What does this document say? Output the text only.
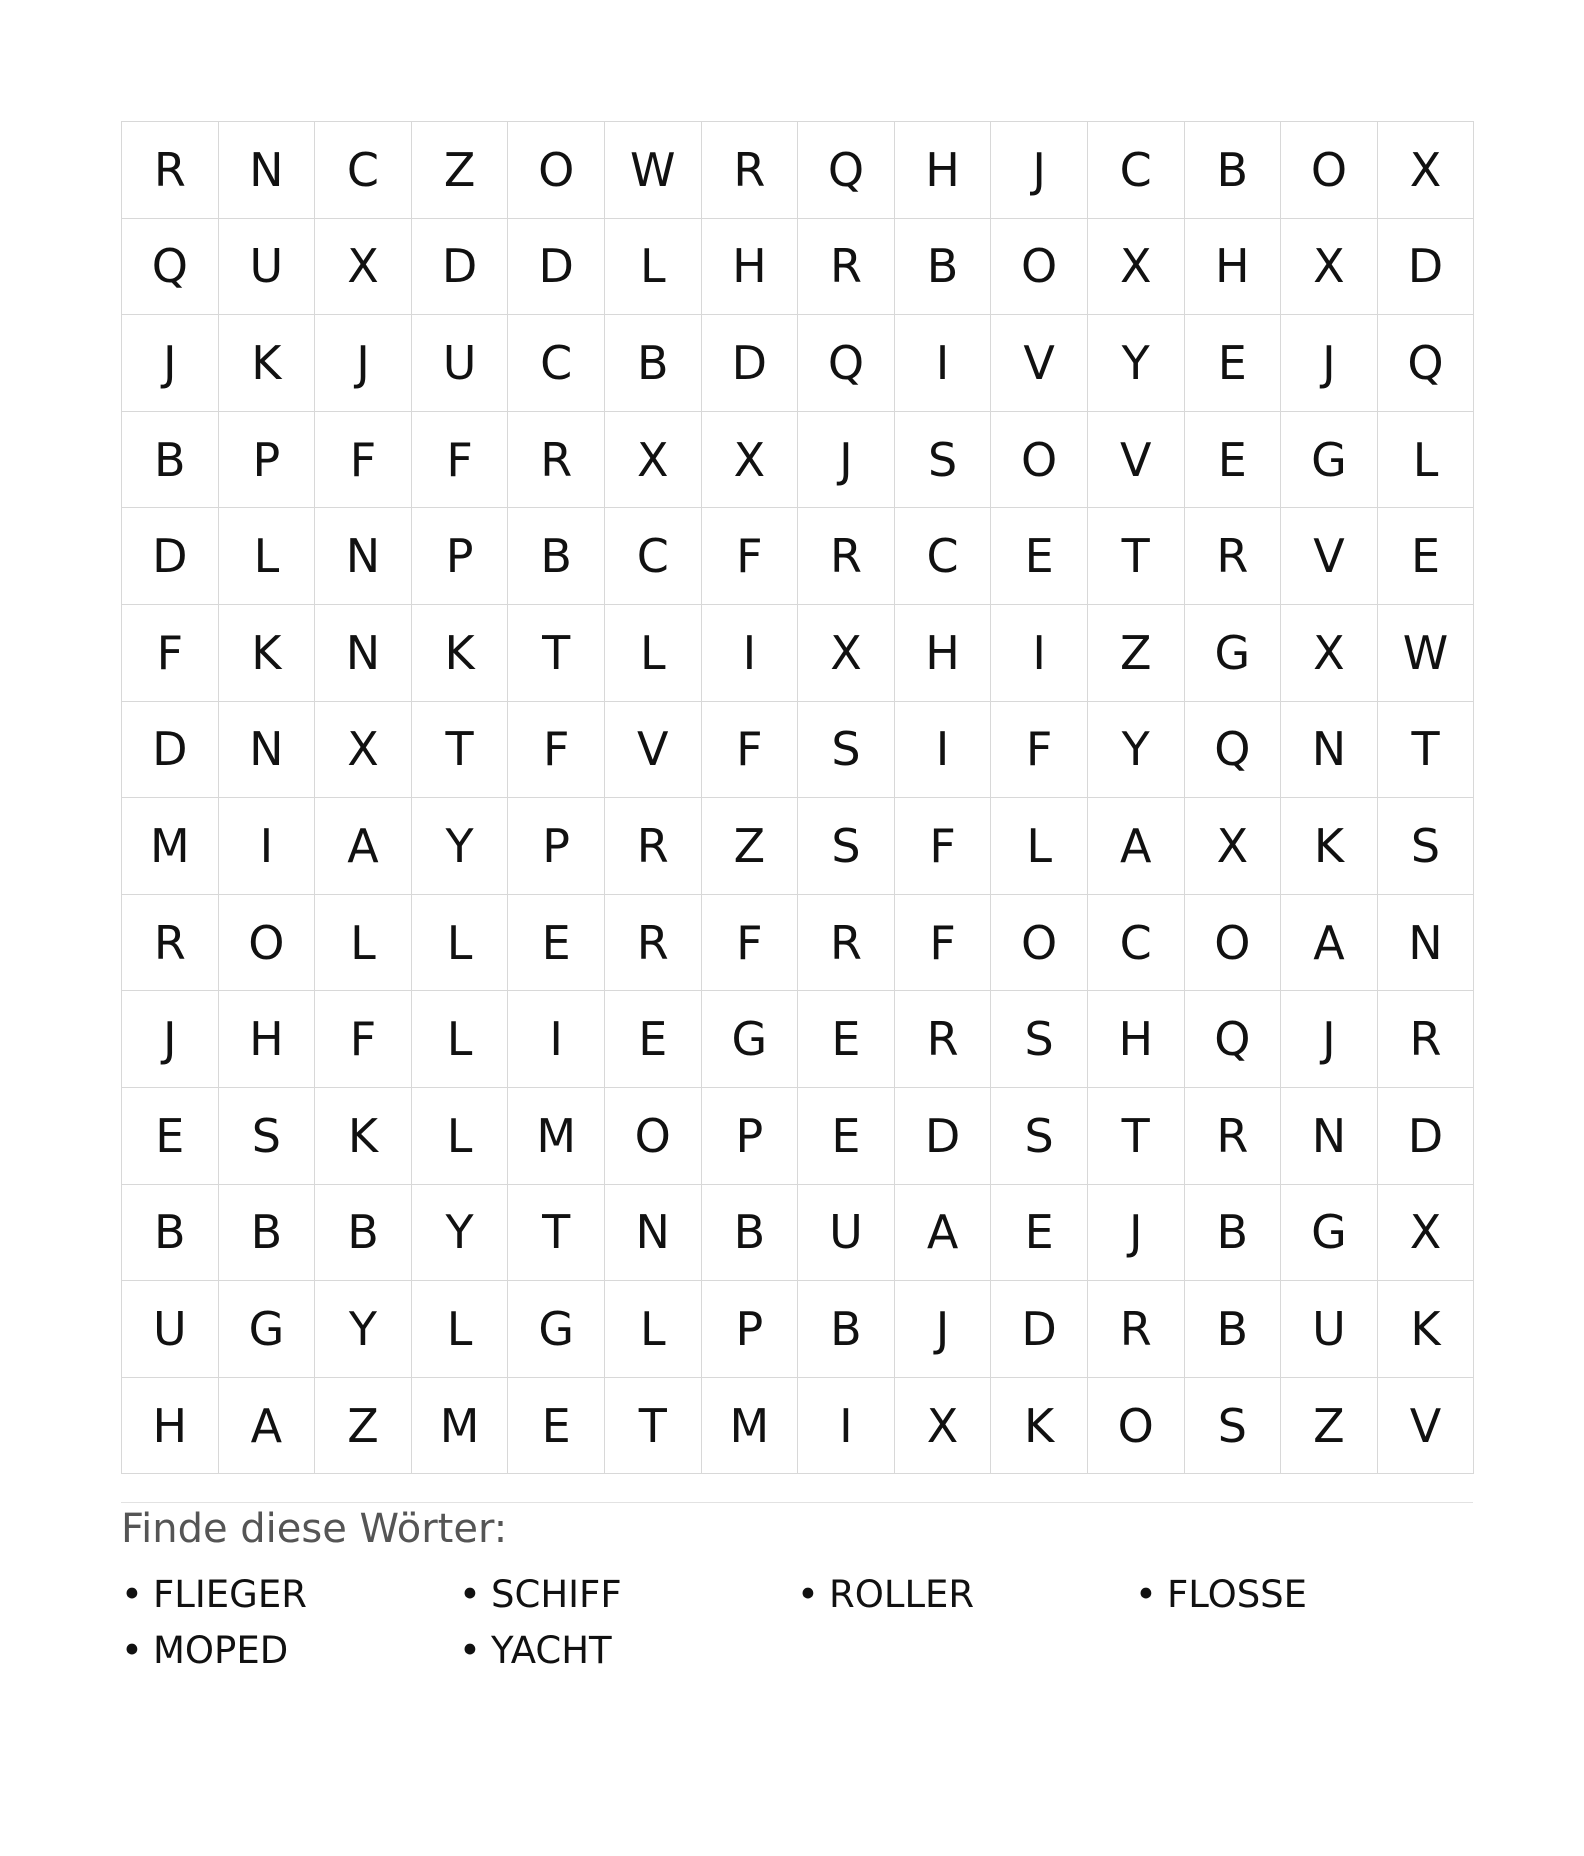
R	N	C	Z	O	W	R	Q	H	J	C	B	O	X
Q	U	X	D	D	L	H	R	B	O	X	H	X	D
J	K	J	U	C	B	D	Q	I	V	Y	E	J	Q
B	P	F	F	R	X	X	J	S	O	V	E	G	L
D	L	N	P	B	C	F	R	C	E	T	R	V	E
F	K	N	K	T	L	I	X	H	I	Z	G	X	W
D	N	X	T	F	V	F	S	I	F	Y	Q	N	T
M	I	A	Y	P	R	Z	S	F	L	A	X	K	S
R	O	L	L	E	R	F	R	F	O	C	O	A	N
J	H	F	L	I	E	G	E	R	S	H	Q	J	R
E	S	K	L	M	O	P	E	D	S	T	R	N	D
B	B	B	Y	T	N	B	U	A	E	J	B	G	X
U	G	Y	L	G	L	P	B	J	D	R	B	U	K
H	A	Z	M	E	T	M	I	X	K	O	S	Z	V
Finde diese Wörter:
• FLIEGER	• SCHIFF	• ROLLER	• FLOSSE
• MOPED	• YACHT
